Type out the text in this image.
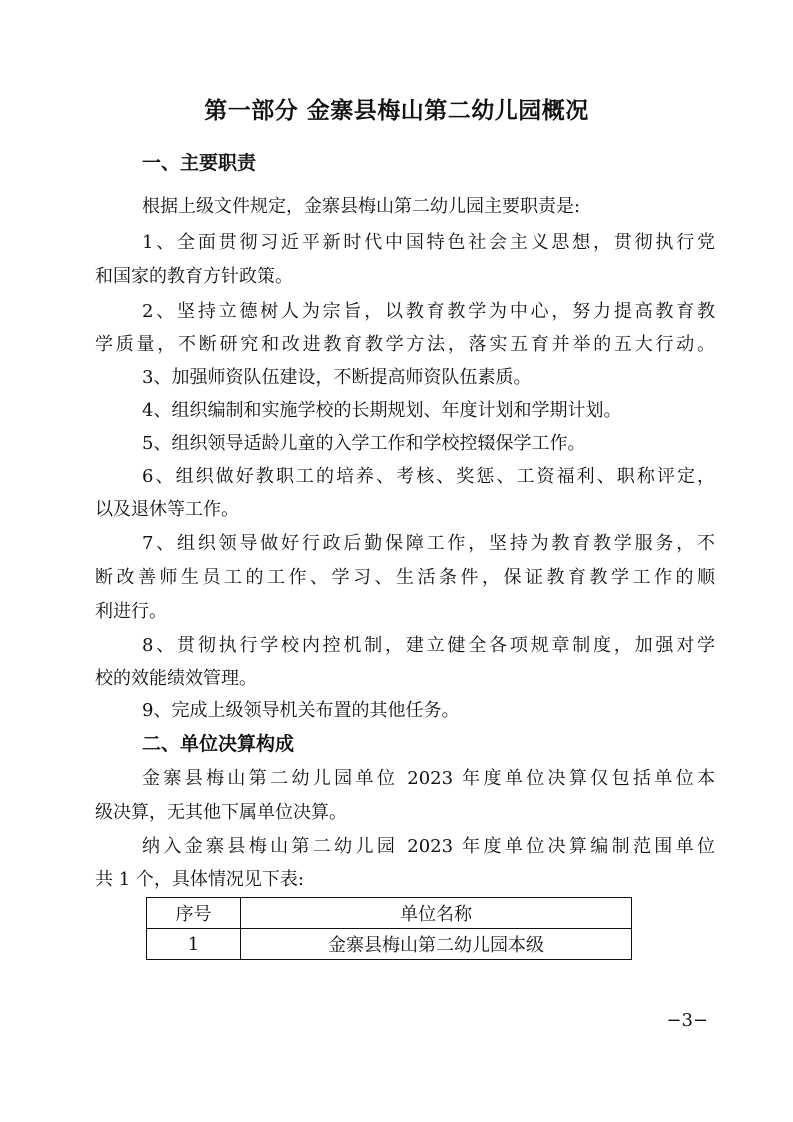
第一部分 金寨县梅山第二幼儿园概况
一、主要职责
根据上级文件规定，金寨县梅山第二幼儿园主要职责是:
1、全面贯彻习近平新时代中国特色社会主义思想，贯彻执行党
和国家的教育方针政策。
2、坚持立德树人为宗旨，以教育教学为中心，努力提高教育教
学质量，不断研究和改进教育教学方法，落实五育并举的五大行动。
3、加强师资队伍建设，不断提高师资队伍素质。
4、组织编制和实施学校的长期规划、年度计划和学期计划。
5、组织领导适龄儿童的入学工作和学校控辍保学工作。
6、组织做好教职工的培养、考核、奖惩、工资福利、职称评定，
以及退休等工作。
7、组织领导做好行政后勤保障工作，坚持为教育教学服务，不
断改善师生员工的工作、学习、生活条件，保证教育教学工作的顺
利进行。
8、贯彻执行学校内控机制，建立健全各项规章制度，加强对学
校的效能绩效管理。
9、完成上级领导机关布置的其他任务。
二、单位决算构成
金寨县梅山第二幼儿园单位 2023 年度单位决算仅包括单位本
级决算，无其他下属单位决算。
纳入金寨县梅山第二幼儿园 2023 年度单位决算编制范围单位
共 1 个，具体情况见下表:
序号	单位名称
1	金寨县梅山第二幼儿园本级
−3−
